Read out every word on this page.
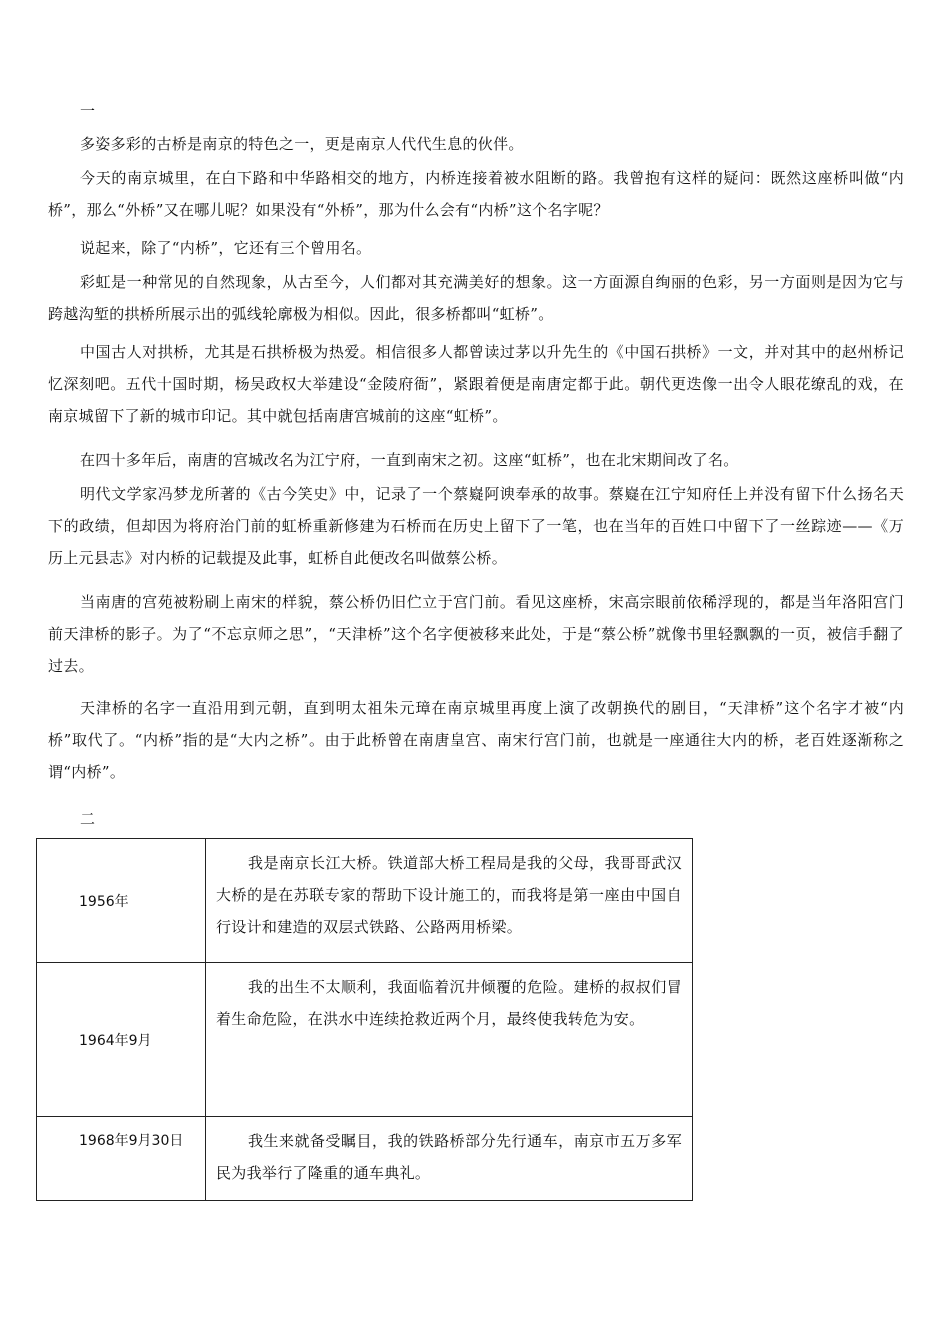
一

多姿多彩的古桥是南京的特色之一，更是南京人代代生息的伙伴。

今天的南京城里，在白下路和中华路相交的地方，内桥连接着被水阻断的路。我曾抱有这样的疑问：既然这座桥叫做“内桥”，那么“外桥”又在哪儿呢？如果没有“外桥”，那为什么会有“内桥”这个名字呢？

说起来，除了“内桥”，它还有三个曾用名。

彩虹是一种常见的自然现象，从古至今，人们都对其充满美好的想象。这一方面源自绚丽的色彩，另一方面则是因为它与跨越沟堑的拱桥所展示出的弧线轮廓极为相似。因此，很多桥都叫“虹桥”。

中国古人对拱桥，尤其是石拱桥极为热爱。相信很多人都曾读过茅以升先生的《中国石拱桥》一文，并对其中的赵州桥记忆深刻吧。五代十国时期，杨吴政权大举建设“金陵府衙”，紧跟着便是南唐定都于此。朝代更迭像一出令人眼花缭乱的戏，在南京城留下了新的城市印记。其中就包括南唐宫城前的这座“虹桥”。

在四十多年后，南唐的宫城改名为江宁府，一直到南宋之初。这座“虹桥”，也在北宋期间改了名。

明代文学家冯梦龙所著的《古今笑史》中，记录了一个蔡嶷阿谀奉承的故事。蔡嶷在江宁知府任上并没有留下什么扬名天下的政绩，但却因为将府治门前的虹桥重新修建为石桥而在历史上留下了一笔，也在当年的百姓口中留下了一丝踪迹——《万历上元县志》对内桥的记载提及此事，虹桥自此便改名叫做蔡公桥。

当南唐的宫苑被粉刷上南宋的样貌，蔡公桥仍旧伫立于宫门前。看见这座桥，宋高宗眼前依稀浮现的，都是当年洛阳宫门前天津桥的影子。为了“不忘京师之思”，“天津桥”这个名字便被移来此处，于是“蔡公桥”就像书里轻飘飘的一页，被信手翻了过去。

天津桥的名字一直沿用到元朝，直到明太祖朱元璋在南京城里再度上演了改朝换代的剧目，“天津桥”这个名字才被“内桥”取代了。“内桥”指的是“大内之桥”。由于此桥曾在南唐皇宫、南宋行宫门前，也就是一座通往大内的桥，老百姓逐渐称之谓“内桥”。

二
1956年	我是南京长江大桥。铁道部大桥工程局是我的父母，我哥哥武汉大桥的是在苏联专家的帮助下设计施工的，而我将是第一座由中国自行设计和建造的双层式铁路、公路两用桥梁。

1964年9月	我的出生不太顺利，我面临着沉井倾覆的危险。建桥的叔叔们冒着生命危险，在洪水中连续抢救近两个月，最终使我转危为安。

1968年9月30日	我生来就备受瞩目，我的铁路桥部分先行通车，南京市五万多军民为我举行了隆重的通车典礼。
